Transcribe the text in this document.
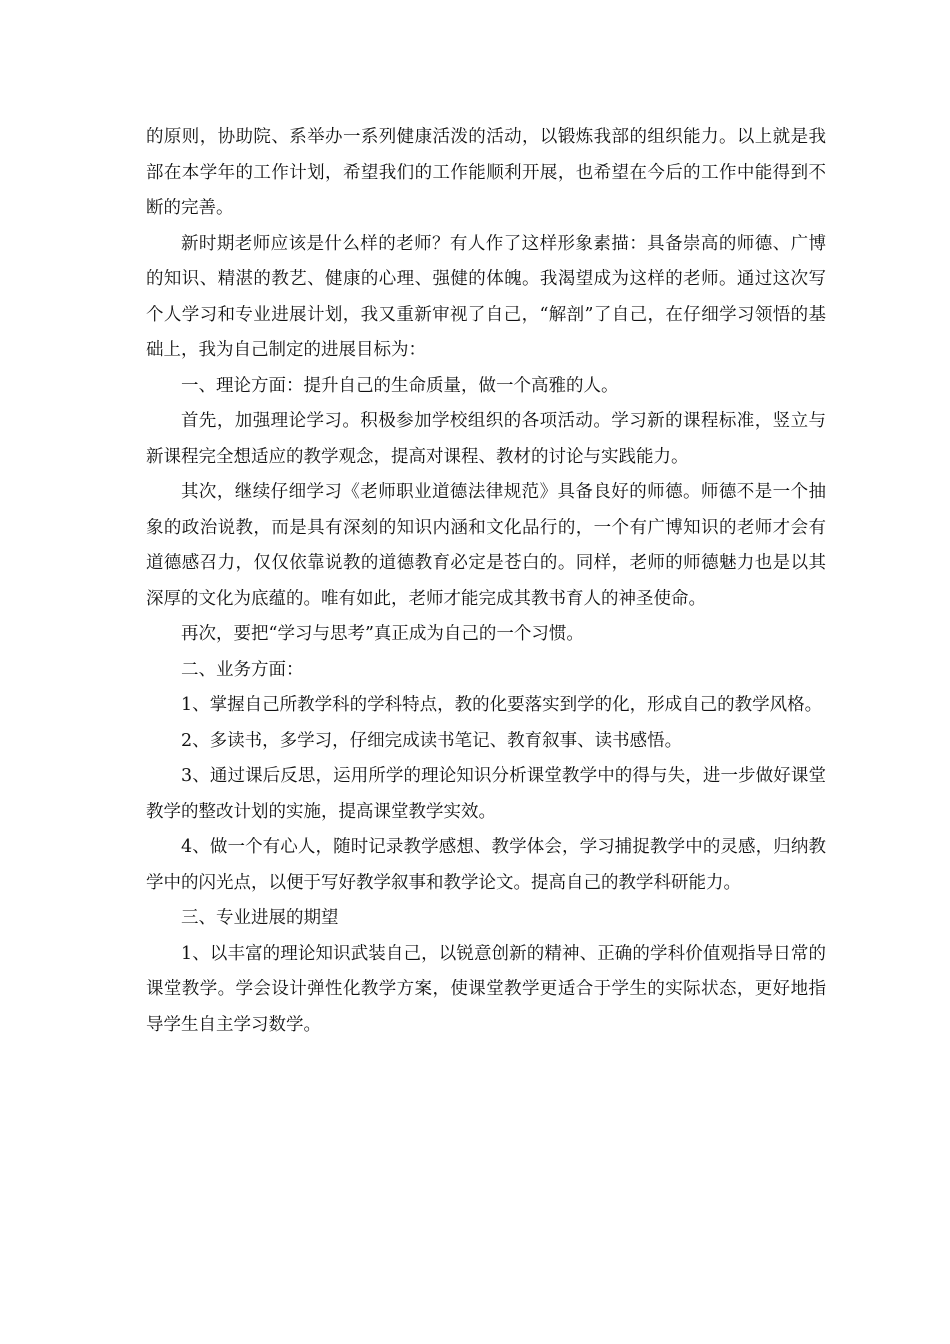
的原则，协助院、系举办一系列健康活泼的活动，以锻炼我部的组织能力。以上就是我部在本学年的工作计划，希望我们的工作能顺利开展，也希望在今后的工作中能得到不断的完善。

新时期老师应该是什么样的老师？有人作了这样形象素描：具备崇高的师德、广博的知识、精湛的教艺、健康的心理、强健的体魄。我渴望成为这样的老师。通过这次写个人学习和专业进展计划，我又重新审视了自己，“解剖”了自己，在仔细学习领悟的基础上，我为自己制定的进展目标为：

一、理论方面：提升自己的生命质量，做一个高雅的人。

首先，加强理论学习。积极参加学校组织的各项活动。学习新的课程标准，竖立与新课程完全想适应的教学观念，提高对课程、教材的讨论与实践能力。

其次，继续仔细学习《老师职业道德法律规范》具备良好的师德。师德不是一个抽象的政治说教，而是具有深刻的知识内涵和文化品行的，一个有广博知识的老师才会有道德感召力，仅仅依靠说教的道德教育必定是苍白的。同样，老师的师德魅力也是以其深厚的文化为底蕴的。唯有如此，老师才能完成其教书育人的神圣使命。

再次，要把“学习与思考”真正成为自己的一个习惯。

二、业务方面：

1、掌握自己所教学科的学科特点，教的化要落实到学的化，形成自己的教学风格。

2、多读书，多学习，仔细完成读书笔记、教育叙事、读书感悟。

3、通过课后反思，运用所学的理论知识分析课堂教学中的得与失，进一步做好课堂教学的整改计划的实施，提高课堂教学实效。

4、做一个有心人，随时记录教学感想、教学体会，学习捕捉教学中的灵感，归纳教学中的闪光点，以便于写好教学叙事和教学论文。提高自己的教学科研能力。

三、专业进展的期望

1、以丰富的理论知识武装自己，以锐意创新的精神、正确的学科价值观指导日常的课堂教学。学会设计弹性化教学方案，使课堂教学更适合于学生的实际状态，更好地指导学生自主学习数学。
